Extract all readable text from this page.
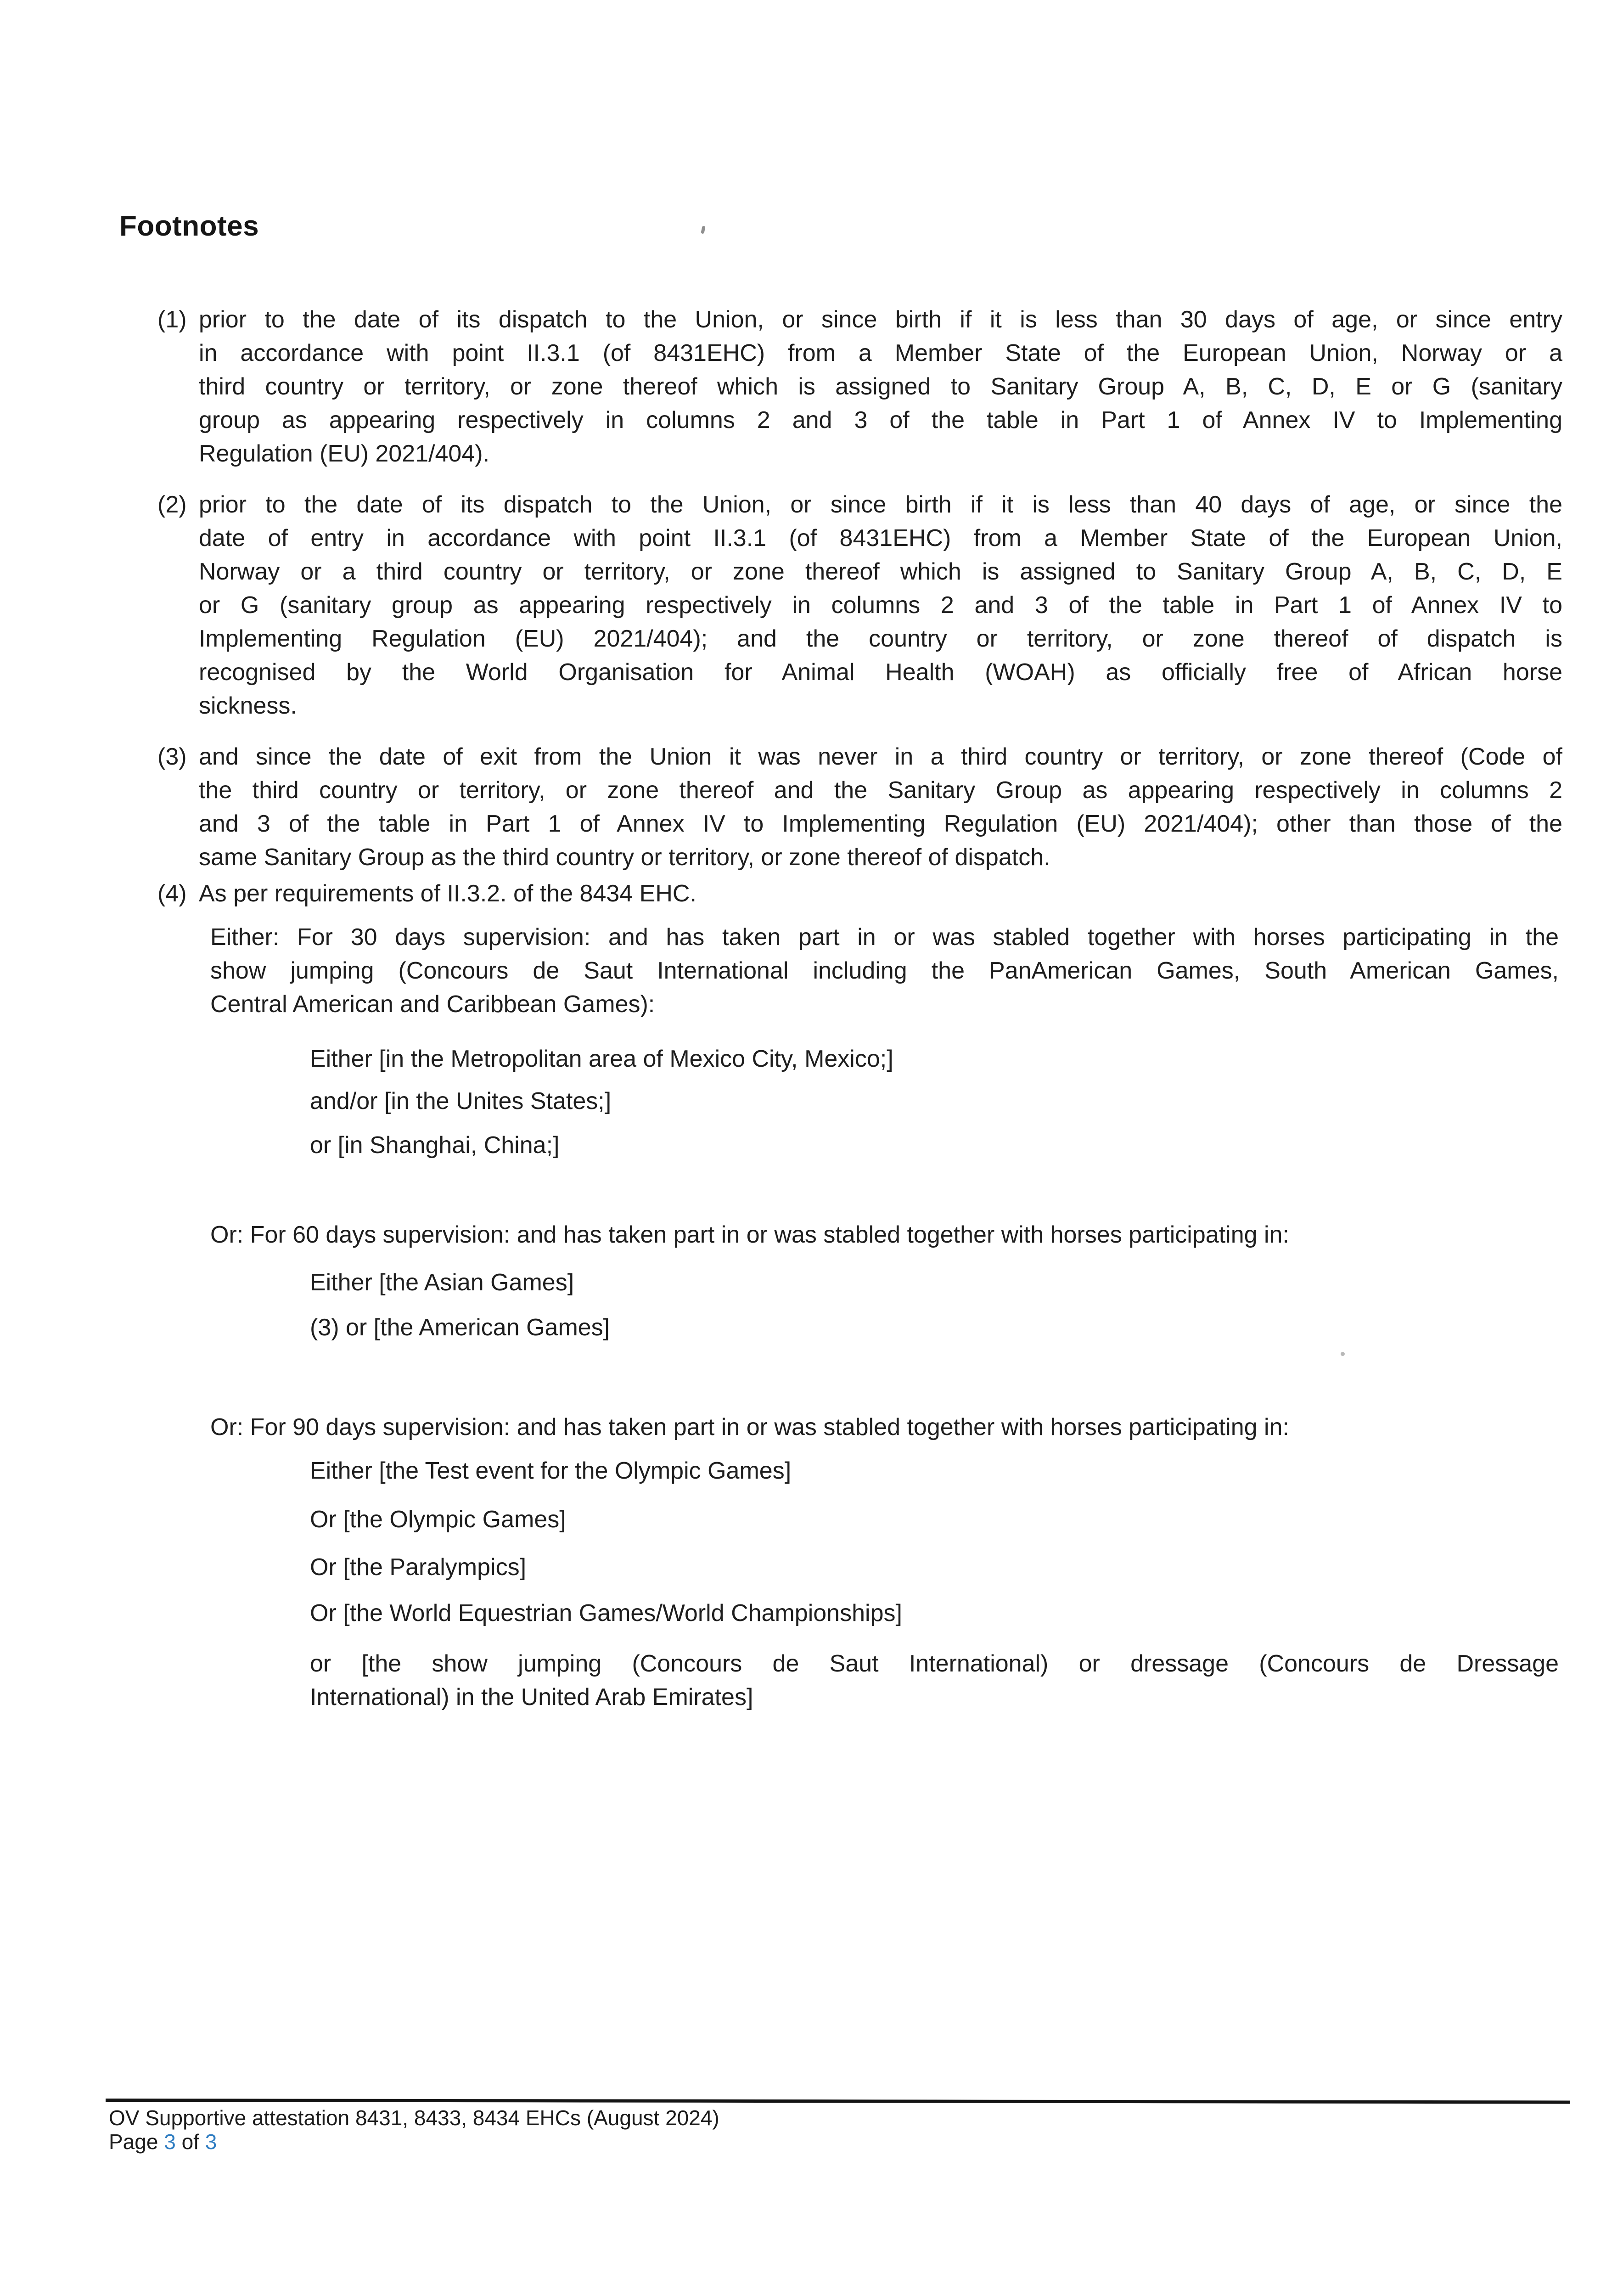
Footnotes
(1) prior to the date of its dispatch to the Union, or since birth if it is less than 30 days of age, or since entry
in accordance with point II.3.1 (of 8431EHC) from a Member State of the European Union, Norway or a
third country or territory, or zone thereof which is assigned to Sanitary Group A, B, C, D, E or G (sanitary
group as appearing respectively in columns 2 and 3 of the table in Part 1 of Annex IV to Implementing
Regulation (EU) 2021/404).
(2) prior to the date of its dispatch to the Union, or since birth if it is less than 40 days of age, or since the
date of entry in accordance with point II.3.1 (of 8431EHC) from a Member State of the European Union,
Norway or a third country or territory, or zone thereof which is assigned to Sanitary Group A, B, C, D, E
or G (sanitary group as appearing respectively in columns 2 and 3 of the table in Part 1 of Annex IV to
Implementing Regulation (EU) 2021/404); and the country or territory, or zone thereof of dispatch is
recognised by the World Organisation for Animal Health (WOAH) as officially free of African horse
sickness.
(3) and since the date of exit from the Union it was never in a third country or territory, or zone thereof (Code of
the third country or territory, or zone thereof and the Sanitary Group as appearing respectively in columns 2
and 3 of the table in Part 1 of Annex IV to Implementing Regulation (EU) 2021/404); other than those of the
same Sanitary Group as the third country or territory, or zone thereof of dispatch.
(4) As per requirements of II.3.2. of the 8434 EHC.
Either: For 30 days supervision: and has taken part in or was stabled together with horses participating in the
show jumping (Concours de Saut International including the PanAmerican Games, South American Games,
Central American and Caribbean Games):
Either [in the Metropolitan area of Mexico City, Mexico;]
and/or [in the Unites States;]
or [in Shanghai, China;]
Or: For 60 days supervision: and has taken part in or was stabled together with horses participating in:
Either [the Asian Games]
(3) or [the American Games]
Or: For 90 days supervision: and has taken part in or was stabled together with horses participating in:
Either [the Test event for the Olympic Games]
Or [the Olympic Games]
Or [the Paralympics]
Or [the World Equestrian Games/World Championships]
or [the show jumping (Concours de Saut International) or dressage (Concours de Dressage
International) in the United Arab Emirates]
OV Supportive attestation 8431, 8433, 8434 EHCs (August 2024)
Page 3 of 3
